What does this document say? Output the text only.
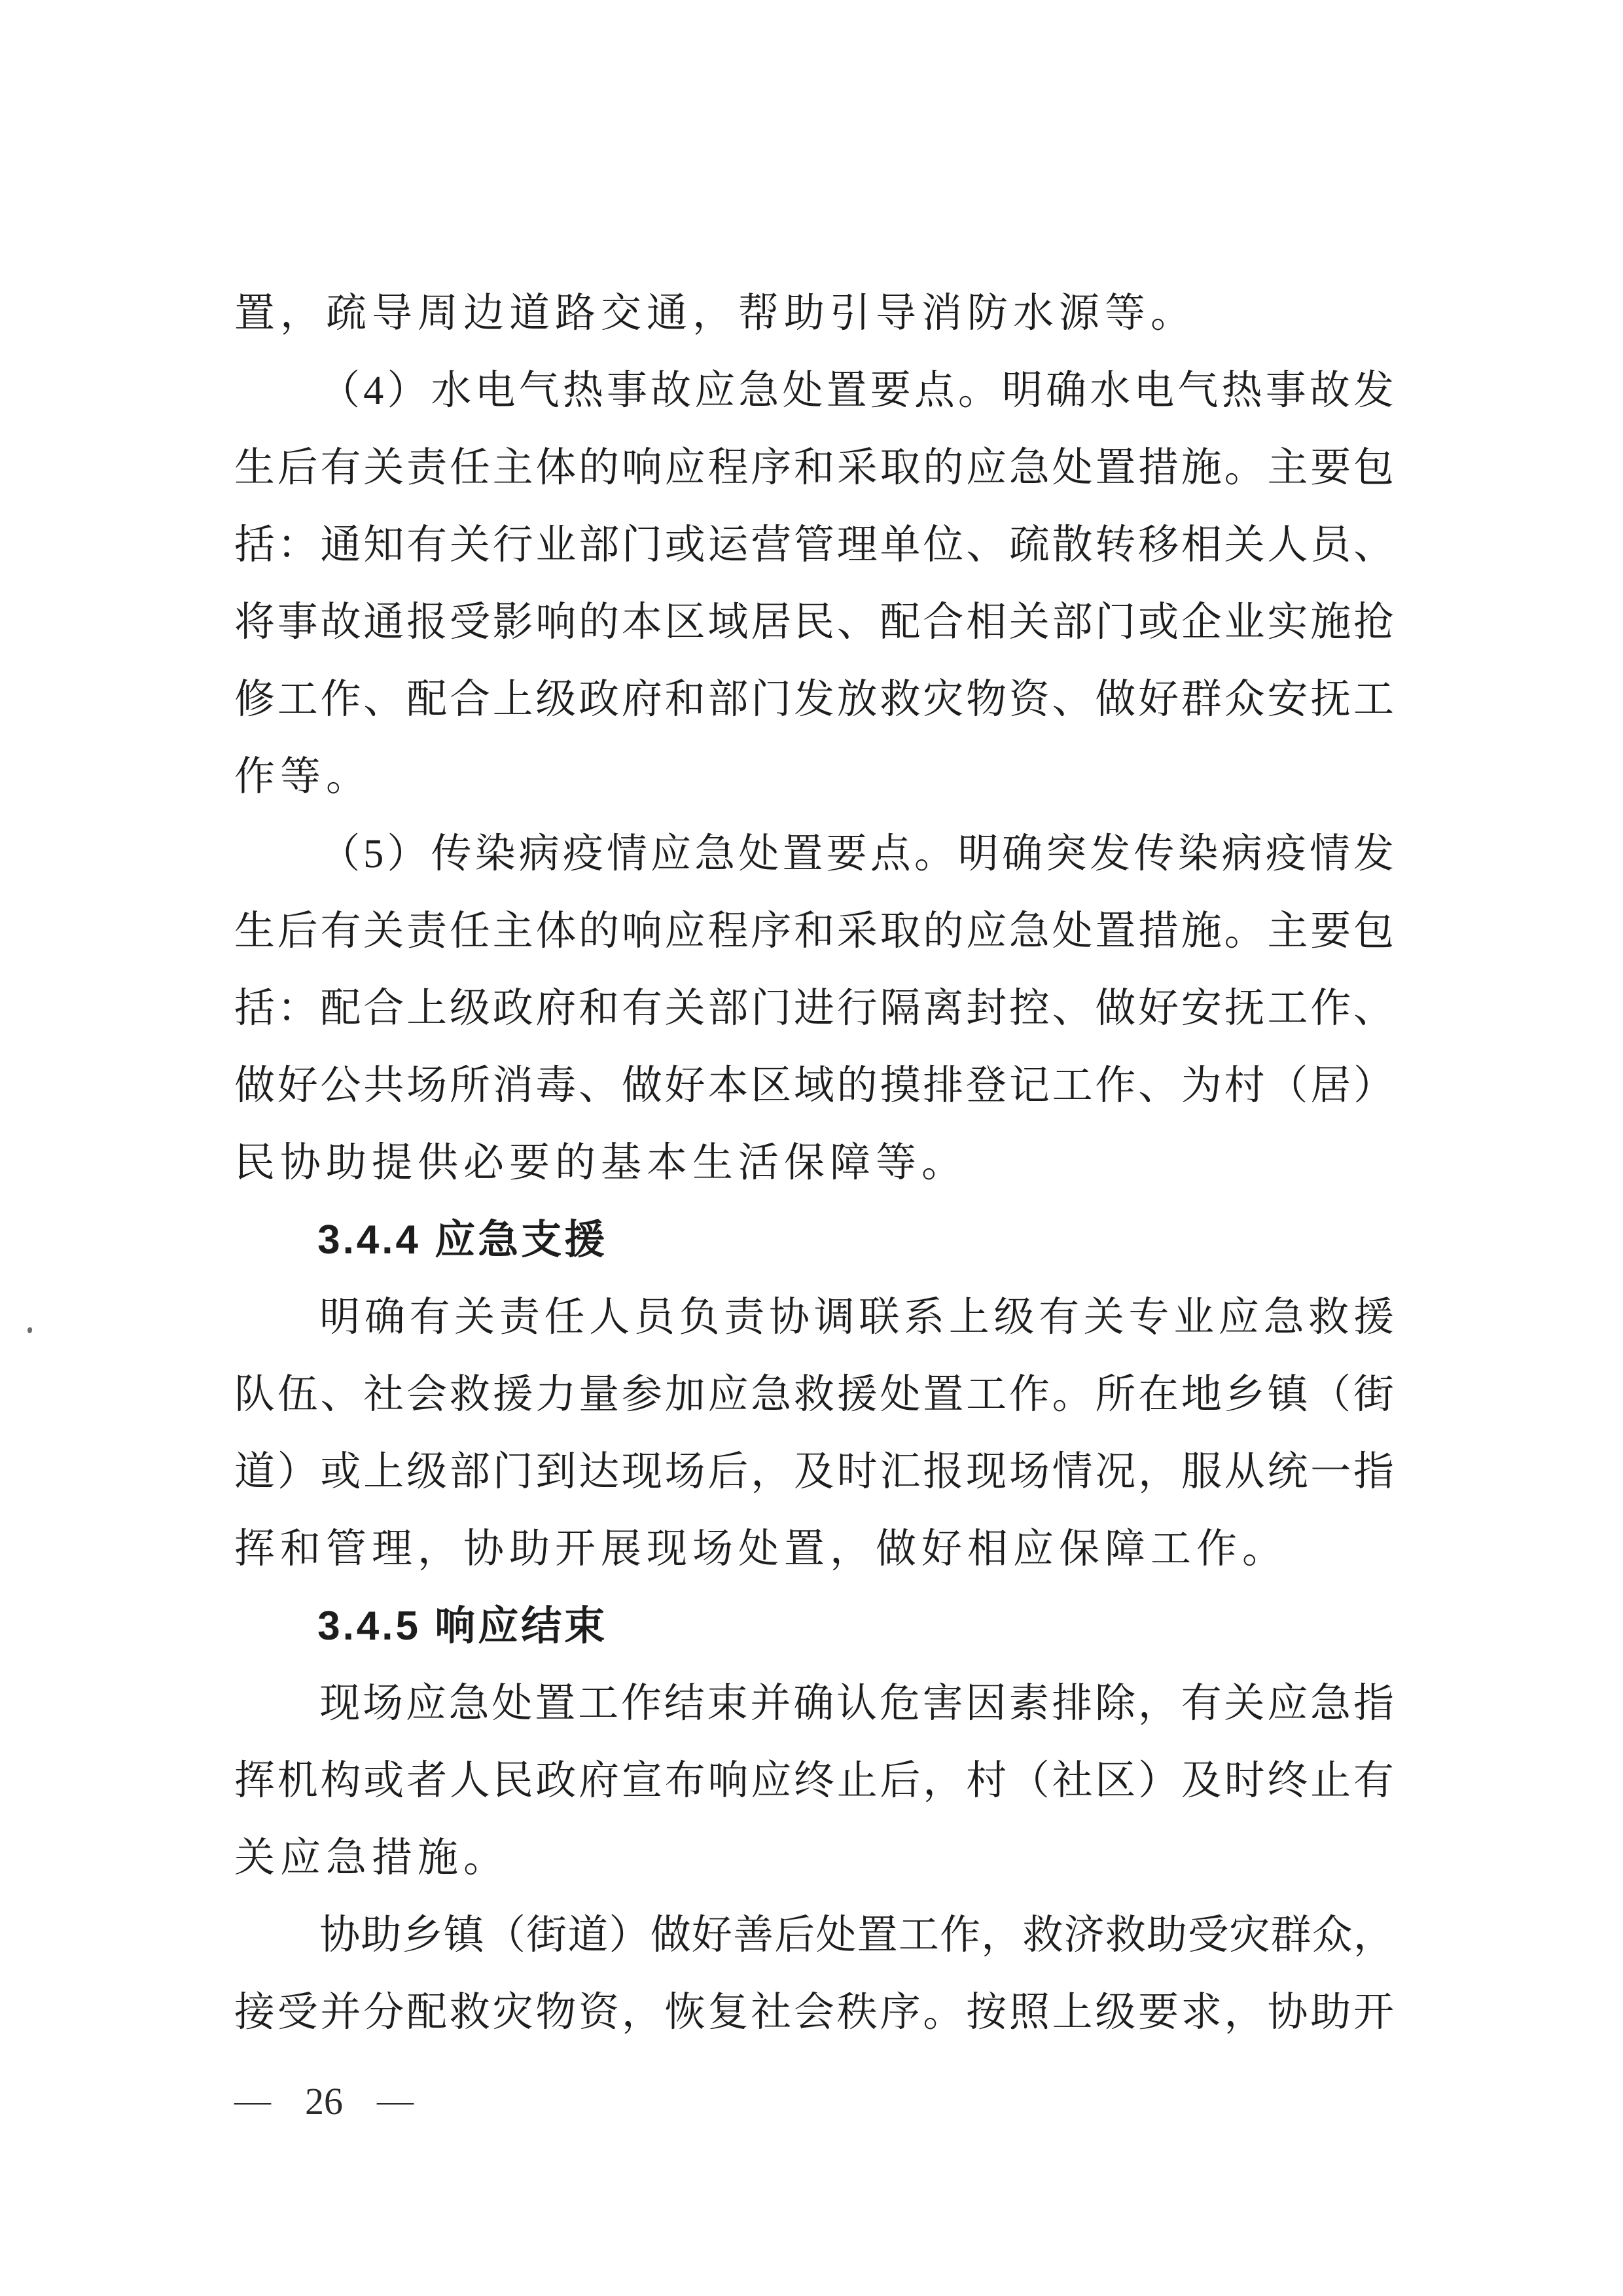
置，疏导周边道路交通，帮助引导消防水源等。
（4）水电气热事故应急处置要点。明确水电气热事故发
生后有关责任主体的响应程序和采取的应急处置措施。主要包
括：通知有关行业部门或运营管理单位、疏散转移相关人员、
将事故通报受影响的本区域居民、配合相关部门或企业实施抢
修工作、配合上级政府和部门发放救灾物资、做好群众安抚工
作等。
（5）传染病疫情应急处置要点。明确突发传染病疫情发
生后有关责任主体的响应程序和采取的应急处置措施。主要包
括：配合上级政府和有关部门进行隔离封控、做好安抚工作、
做好公共场所消毒、做好本区域的摸排登记工作、为村（居）
民协助提供必要的基本生活保障等。
3.4.4 应急支援
明确有关责任人员负责协调联系上级有关专业应急救援
队伍、社会救援力量参加应急救援处置工作。所在地乡镇（街
道）或上级部门到达现场后，及时汇报现场情况，服从统一指
挥和管理，协助开展现场处置，做好相应保障工作。
3.4.5 响应结束
现场应急处置工作结束并确认危害因素排除，有关应急指
挥机构或者人民政府宣布响应终止后，村（社区）及时终止有
关应急措施。
协助乡镇（街道）做好善后处置工作，救济救助受灾群众，
接受并分配救灾物资，恢复社会秩序。按照上级要求，协助开
— 26 —
